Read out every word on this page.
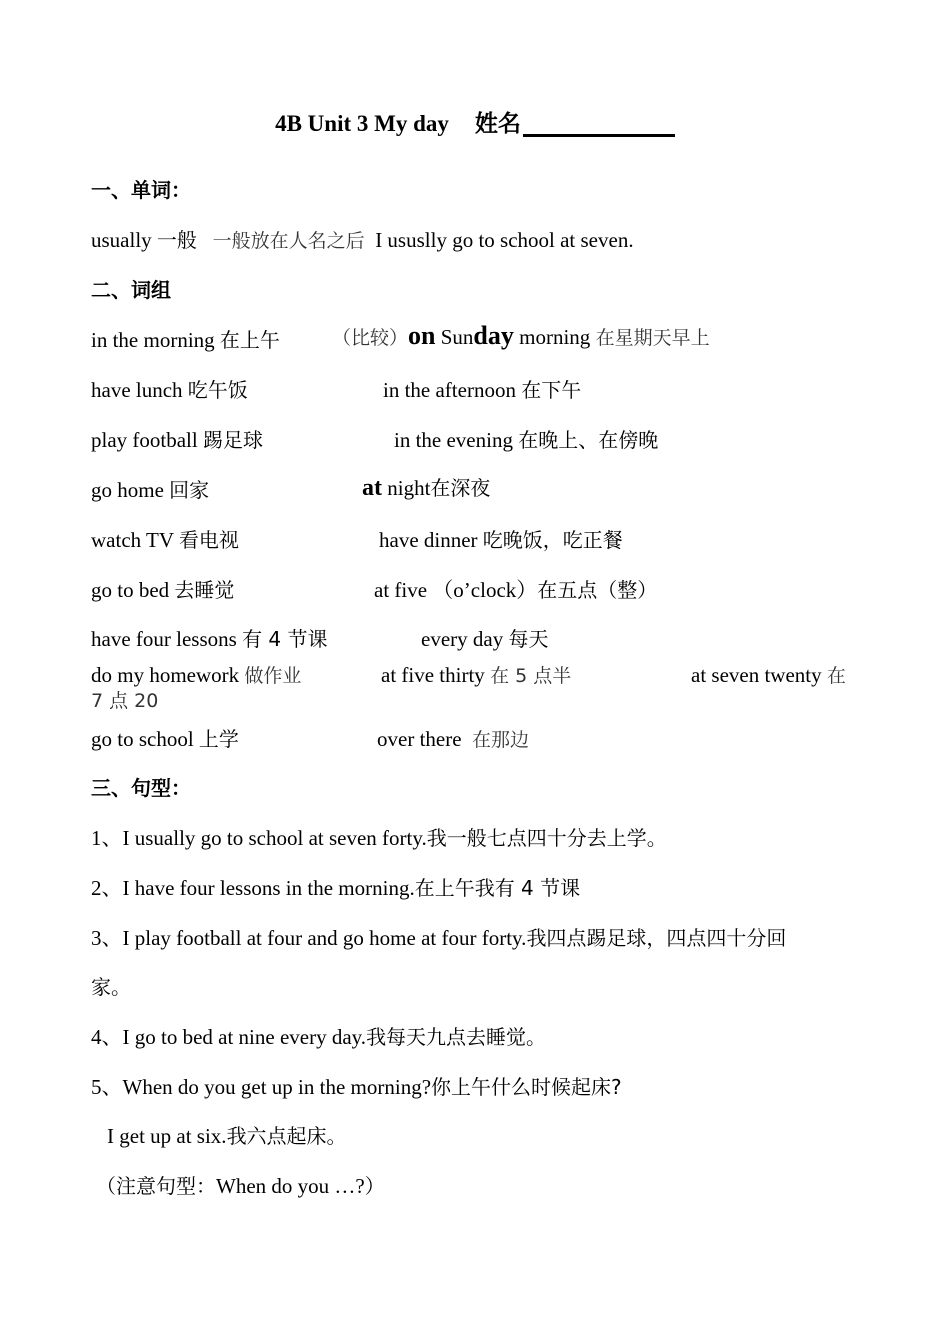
4B Unit 3 My day 姓名
一、单词：
usually 一般 一般放在人名之后 I ususlly go to school at seven.
二、词组
in the morning 在上午	（比较）on Sunday morning 在星期天早上
have lunch 吃午饭	in the afternoon 在下午
play football 踢足球	in the evening 在晚上、在傍晚
go home 回家	at night在深夜
watch TV 看电视	have dinner 吃晚饭，吃正餐
go to bed 去睡觉	at five （o’clock）在五点（整）
have four lessons 有 4 节课	every day 每天
do my homework 做作业	at five thirty 在 5 点半	at seven twenty 在
7 点 20
go to school 上学	over there 在那边
三、句型：
1、I usually go to school at seven forty.我一般七点四十分去上学。
2、I have four lessons in the morning.在上午我有 4 节课
3、I play football at four and go home at four forty.我四点踢足球，四点四十分回
家。
4、I go to bed at nine every day.我每天九点去睡觉。
5、When do you get up in the morning?你上午什么时候起床?
I get up at six.我六点起床。
（注意句型：When do you …?）
